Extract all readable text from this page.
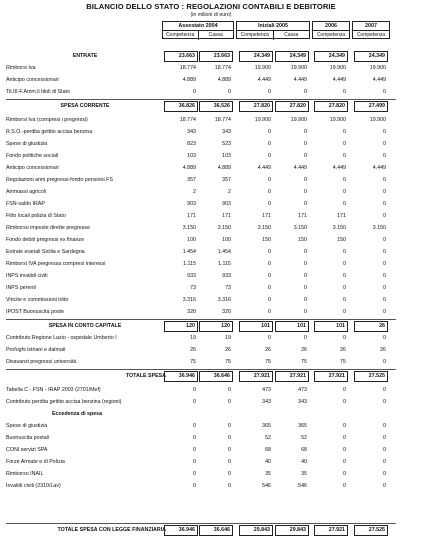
BILANCIO DELLO STATO : REGOLAZIONI CONTABILI E DEBITORIE
(in milioni di euro)
Assestato 2004
Competenza	Cassa
Iniziali 2005
Competenza	Cassa
2006
Competenza
2007
Competenza
ENTRATE	23.663	23.663	24.349	24.349	24.349	24.349
Rimborsi Iva	18.774	18.774	19.900	19.900	19.900	19.900
Anticipo concessionari	4.889	4.889	4.449	4.449	4.449	4.449
Tit.III-F.Amm.li titoli di Stato	0	0	0	0	0	0
SPESA CORRENTE	36.826	36.526	27.820	27.820	27.820	27.499
Rimborsi Iva (compresi i pregressi)	18.774	18.774	19.900	19.900	19.900	19.900
R.S.O.-perdita gettito accisa benzina	343	343	0	0	0	0
Spese di giustizia	823	523	0	0	0	0
Fondo politiche sociali	103	103	0	0	0	0
Anticipo concessionari	4.889	4.889	4.449	4.449	4.449	4.449
Regolazioni anni pregressi-fondo pensioni FS	357	357	0	0	0	0
Ammassi agricoli	2	2	0	0	0	0
FSN-saldo IRAP	903	903	0	0	0	0
Fitto locali polizia di Stato	171	171	171	171	171	0
Rimborso imposte dirette pregresse	3.150	3.150	3.150	3.150	3.150	3.150
Fondo debiti pregressi ex finanze	100	100	150	150	150	0
Entrate erariali Sicilia e Sardegna	1.454	1.454	0	0	0	0
Rimborsi IVA pregressa compresi interessi	1.115	1.115	0	0	0	0
INPS invalidi civili	933	933	0	0	0	0
INPS perenti	73	73	0	0	0	0
Vincite e commissioni lotto	3.316	3.316	0	0	0	0
IPOST Buonuscita poste	320	320	0	0	0	0
SPESA IN CONTO CAPITALE	120	120	101	101	101	26
Contributo Regione Lazio - ospedale Umberto I	19	19	0	0	0	0
Profughi istriani e dalmati	26	26	26	26	26	26
Disavanzi pregressi università	75	75	75	75	75	0
TOTALE SPESA	36.946	36.646	27.921	27.921	27.921	27.525
Tabella C - FSN - IRAP 2003 (2701/Mef)	0	0	473	473	0	0
Contributo perdita gettito accisa benzina (regioni)	0	0	343	343	0	0
Eccedenza di spesa
Spese di giustizia	0	0	365	365	0	0
Buonuscita postali	0	0	52	52	0	0
CONI servizi SPA	0	0	68	68	0	0
Forze Armate e di Polizia	0	0	40	40	0	0
Rimborso INAIL	0	0	35	35	0	0
Invalidi civili (2310/Lav)	0	0	546	546	0	0
TOTALE SPESA CON LEGGE FINANZIARIA	36.946	36.646	29.843	29.843	27.921	27.525
